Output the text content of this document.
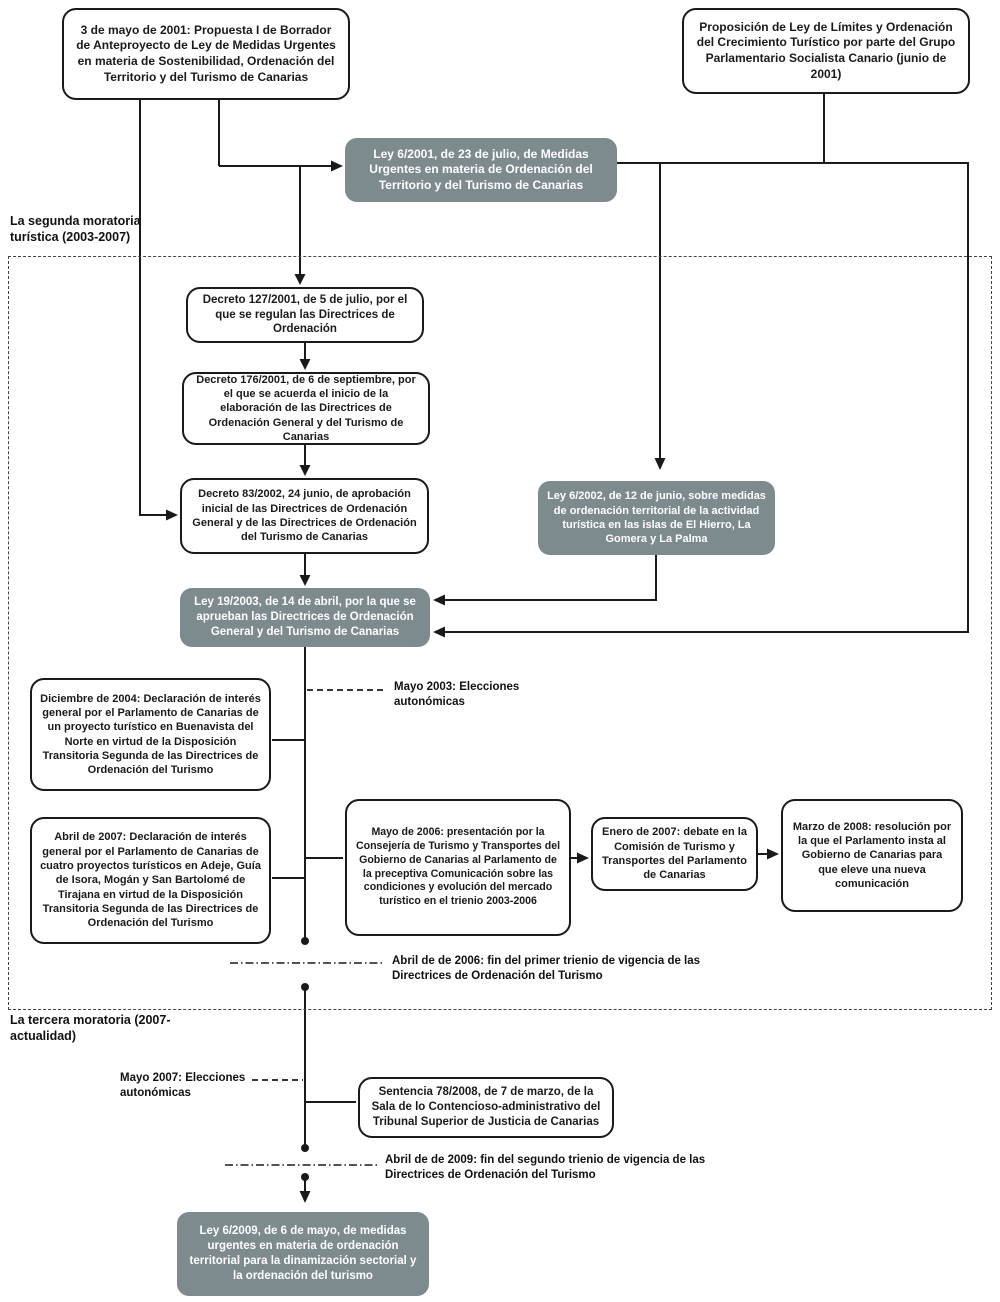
La segunda moratoria turística (2003-2007)
La tercera moratoria (2007-actualidad)
Mayo 2003: Elecciones autonómicas
Abril de de 2006: fin del primer trienio de vigencia de las Directrices de Ordenación del Turismo
Mayo 2007: Elecciones autonómicas
Abril de de 2009: fin del segundo trienio de vigencia de las Directrices de Ordenación del Turismo
3 de mayo de 2001: Propuesta I de Borrador de Anteproyecto de Ley de Medidas Urgentes en materia de Sostenibilidad, Ordenación del Territorio y del Turismo de Canarias
Proposición de Ley de Límites y Ordenación del Crecimiento Turístico por parte del Grupo Parlamentario Socialista Canario (junio de 2001)
Ley 6/2001, de 23 de julio, de Medidas Urgentes en materia de Ordenación del Territorio y del Turismo de Canarias
Decreto 127/2001, de 5 de julio, por el que se regulan las Directrices de Ordenación
Decreto 176/2001, de 6 de septiembre, por el que se acuerda el inicio de la elaboración de las Directrices de Ordenación General y del Turismo de Canarias
Decreto 83/2002, 24 junio, de aprobación inicial de las Directrices de Ordenación General y de las Directrices de Ordenación del Turismo de Canarias
Ley 6/2002, de 12 de junio, sobre medidas de ordenación territorial de la actividad turística en las islas de El Hierro, La Gomera y La Palma
Ley 19/2003, de 14 de abril, por la que se aprueban las Directrices de Ordenación General y del Turismo de Canarias
Diciembre de 2004: Declaración de interés general por el Parlamento de Canarias de un proyecto turístico en Buenavista del Norte en virtud de la Disposición Transitoria Segunda de las Directrices de Ordenación del Turismo
Abril de 2007: Declaración de interés general por el Parlamento de Canarias de cuatro proyectos turísticos en Adeje, Guía de Isora, Mogán y San Bartolomé de Tirajana en virtud de la Disposición Transitoria Segunda de las Directrices de Ordenación del Turismo
Mayo de 2006: presentación por la Consejería de Turismo y Transportes del Gobierno de Canarias al Parlamento de la preceptiva Comunicación sobre las condiciones y evolución del mercado turístico en el trienio 2003-2006
Enero de 2007: debate en la Comisión de Turismo y Transportes del Parlamento de Canarias
Marzo de 2008: resolución por la que el Parlamento insta al Gobierno de Canarias para que eleve una nueva comunicación
Sentencia 78/2008, de 7 de marzo, de la Sala de lo Contencioso-administrativo del Tribunal Superior de Justicia de Canarias
Ley 6/2009, de 6 de mayo, de medidas urgentes en materia de ordenación territorial para la dinamización sectorial y la ordenación del turismo
